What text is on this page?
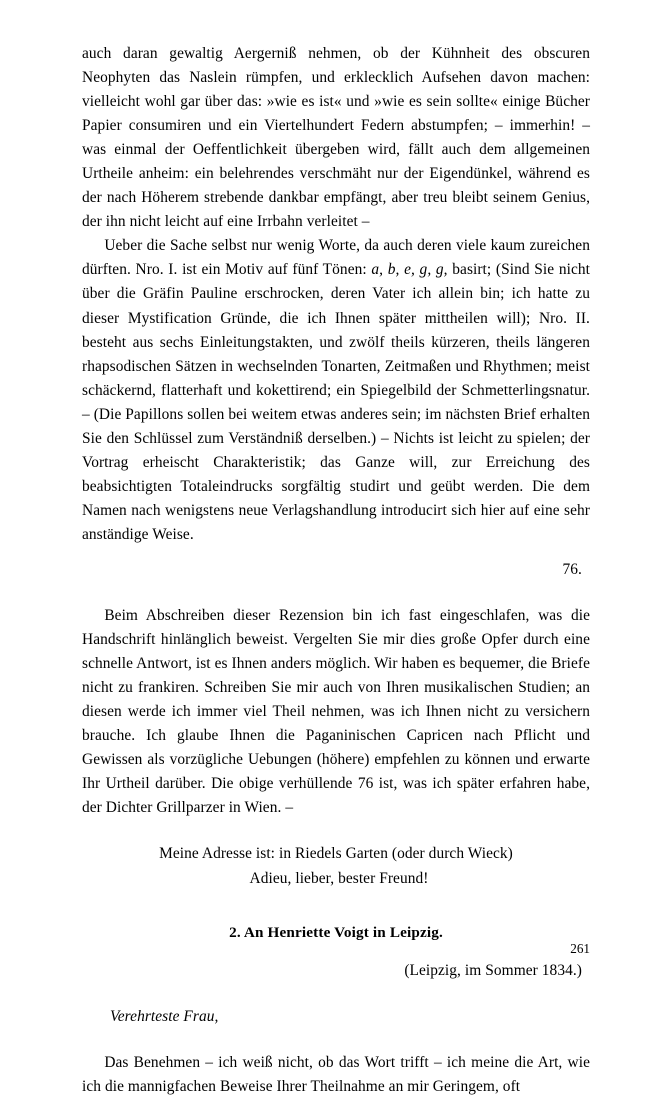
auch daran gewaltig Aergerniß nehmen, ob der Kühnheit des obscuren Neophyten das Naslein rümpfen, und erklecklich Aufsehen davon machen: vielleicht wohl gar über das: »wie es ist« und »wie es sein sollte« einige Bücher Papier consumiren und ein Viertelhundert Federn abstumpfen; – immerhin! – was einmal der Oeffentlichkeit übergeben wird, fällt auch dem allgemeinen Urtheile anheim: ein belehrendes verschmäht nur der Eigendünkel, während es der nach Höherem strebende dankbar empfängt, aber treu bleibt seinem Genius, der ihn nicht leicht auf eine Irrbahn verleitet –

Ueber die Sache selbst nur wenig Worte, da auch deren viele kaum zureichen dürften. Nro. I. ist ein Motiv auf fünf Tönen: a, b, e, g, g, basirt; (Sind Sie nicht über die Gräfin Pauline erschrocken, deren Vater ich allein bin; ich hatte zu dieser Mystification Gründe, die ich Ihnen später mittheilen will); Nro. II. besteht aus sechs Einleitungstakten, und zwölf theils kürzeren, theils längeren rhapsodischen Sätzen in wechselnden Tonarten, Zeitmaßen und Rhythmen; meist schäckernd, flatterhaft und kokettirend; ein Spiegelbild der Schmetterlingsnatur. – (Die Papillons sollen bei weitem etwas anderes sein; im nächsten Brief erhalten Sie den Schlüssel zum Verständniß derselben.) – Nichts ist leicht zu spielen; der Vortrag erheischt Charakteristik; das Ganze will, zur Erreichung des beabsichtigten Totaleindrucks sorgfältig studirt und geübt werden. Die dem Namen nach wenigstens neue Verlagshandlung introducirt sich hier auf eine sehr anständige Weise.

76.

Beim Abschreiben dieser Rezension bin ich fast eingeschlafen, was die Handschrift hinlänglich beweist. Vergelten Sie mir dies große Opfer durch eine schnelle Antwort, ist es Ihnen anders möglich. Wir haben es bequemer, die Briefe nicht zu frankiren. Schreiben Sie mir auch von Ihren musikalischen Studien; an diesen werde ich immer viel Theil nehmen, was ich Ihnen nicht zu versichern brauche. Ich glaube Ihnen die Paganinischen Capricen nach Pflicht und Gewissen als vorzügliche Uebungen (höhere) empfehlen zu können und erwarte Ihr Urtheil darüber. Die obige verhüllende 76 ist, was ich später erfahren habe, der Dichter Grillparzer in Wien. –

Meine Adresse ist: in Riedels Garten (oder durch Wieck)

Adieu, lieber, bester Freund!

2. An Henriette Voigt in Leipzig.

(Leipzig, im Sommer 1834.)

Verehrteste Frau,

Das Benehmen – ich weiß nicht, ob das Wort trifft – ich meine die Art, wie ich die mannigfachen Beweise Ihrer Theilnahme an mir Geringem, oft

261
